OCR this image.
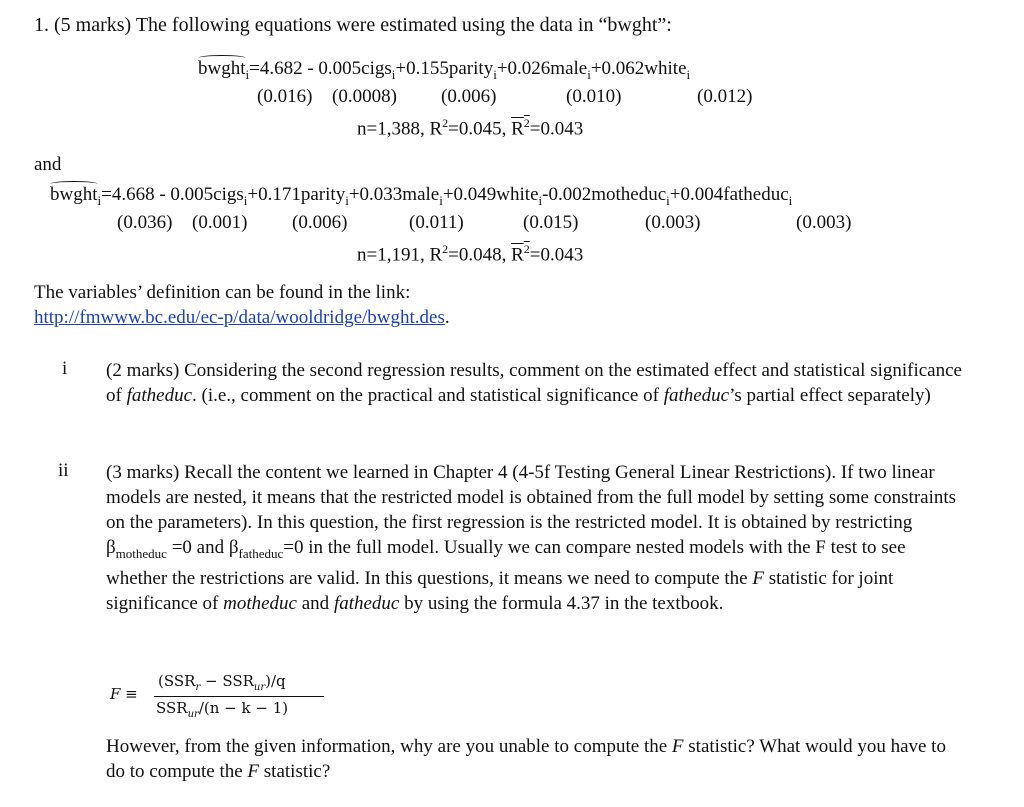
1. (5 marks) The following equations were estimated using the data in “bwght”:
bwght$_i$=4.682 - 0.005cigs$_i$+0.155parity$_i$+0.026male$_i$+0.062white$_i$
(0.016) (0.0008) (0.006)	(0.010)	(0.012)
n=1,388, $R^2=0.045$, $\overline{R}^2=0.043$
and
bwght$_i$=4.668 - 0.005cigs$_i$+0.171parity$_i$+0.033male$_i$+0.049white$_i$-0.002motheduc$_i$+0.004fatheduc$_i$
(0.036) (0.001) (0.006)	(0.011)	(0.015)	(0.003)	(0.003)
n=1,191, $R^2=0.048$, $\overline{R}^2=0.043$
The variables’ definition can be found in the link:
http://fmwww.bc.edu/ec-p/data/wooldridge/bwght.des.
i	(2 marks) Considering the second regression results, comment on the estimated effect and statistical significance of fatheduc. (i.e., comment on the practical and statistical significance of fatheduc’s partial effect separately)
ii	(3 marks) Recall the content we learned in Chapter 4 (4-5f Testing General Linear Restrictions). If two linear models are nested, it means that the restricted model is obtained from the full model by setting some constraints on the parameters). In this question, the first regression is the restricted model. It is obtained by restricting $\beta_{motheduc} =0$ and $\beta_{fatheduc}=0$ in the full model. Usually we can compare nested models with the F test to see whether the restrictions are valid. In this questions, it means we need to compute the F statistic for joint significance of motheduc and fatheduc by using the formula 4.37 in the textbook.
F ≡
$(SSR_r - SSR_{ur})/q$
$SSR_{ur}/(n - k - 1)$
However, from the given information, why are you unable to compute the F statistic? What would you have to do to compute the F statistic?
